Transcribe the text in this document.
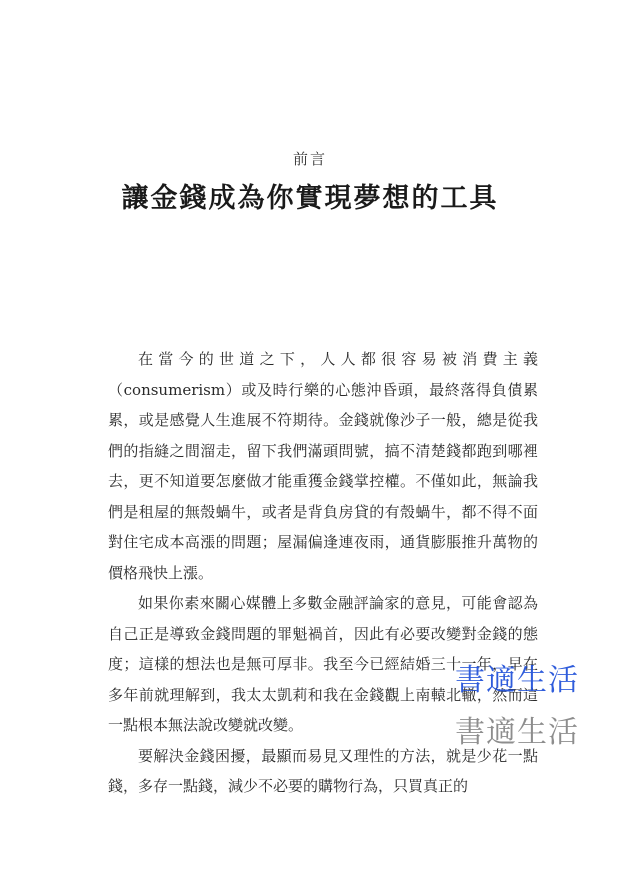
前言
讓金錢成為你實現夢想的工具

在當今的世道之下，人人都很容易被消費主義（consumerism）或及時行樂的心態沖昏頭，最終落得負債累累，或是感覺人生進展不符期待。金錢就像沙子一般，總是從我們的指縫之間溜走，留下我們滿頭問號，搞不清楚錢都跑到哪裡去，更不知道要怎麼做才能重獲金錢掌控權。不僅如此，無論我們是租屋的無殼蝸牛，或者是背負房貸的有殼蝸牛，都不得不面對住宅成本高漲的問題；屋漏偏逢連夜雨，通貨膨脹推升萬物的價格飛快上漲。

如果你素來關心媒體上多數金融評論家的意見，可能會認為自己正是導致金錢問題的罪魁禍首，因此有必要改變對金錢的態度；這樣的想法也是無可厚非。我至今已經結婚三十一年，早在多年前就理解到，我太太凱莉和我在金錢觀上南轅北轍，然而這一點根本無法說改變就改變。

要解決金錢困擾，最顯而易見又理性的方法，就是少花一點錢，多存一點錢，減少不必要的購物行為，只買真正的

書適生活
書適生活
